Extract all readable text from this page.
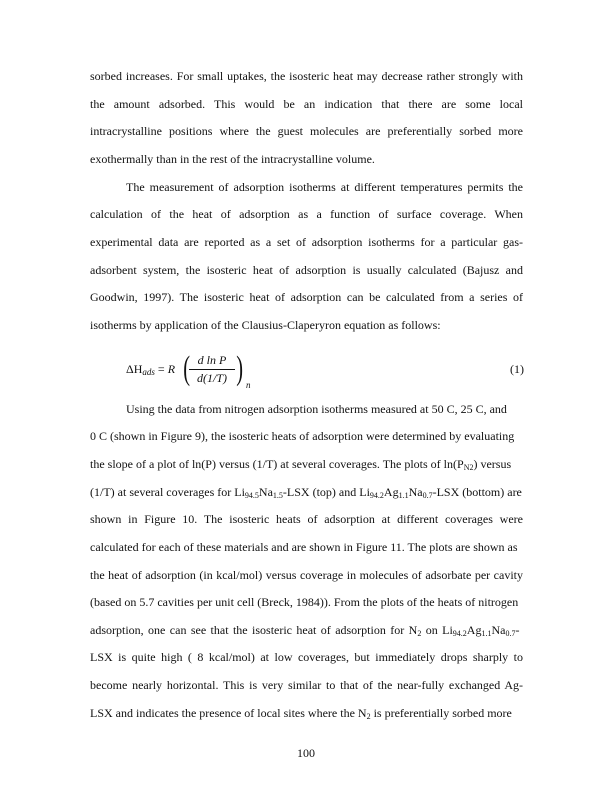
sorbed increases. For small uptakes, the isosteric heat may decrease rather strongly with
the amount adsorbed. This would be an indication that there are some local
intracrystalline positions where the guest molecules are preferentially sorbed more
exothermally than in the rest of the intracrystalline volume.
The measurement of adsorption isotherms at different temperatures permits the
calculation of the heat of adsorption as a function of surface coverage. When
experimental data are reported as a set of adsorption isotherms for a particular gas-
adsorbent system, the isosteric heat of adsorption is usually calculated (Bajusz and
Goodwin, 1997). The isosteric heat of adsorption can be calculated from a series of
isotherms by application of the Clausius-Claperyron equation as follows:
$\Delta H_{ads} = R$ (
$\frac{\text{d ln P}}{d(1/T)}$ ) n
(1)
Using the data from nitrogen adsorption isotherms measured at 50 C, 25 C, and
0 C (shown in Figure 9), the isosteric heats of adsorption were determined by evaluating
the slope of a plot of ln(P) versus (1/T) at several coverages. The plots of $\ln(P_{N2})$ versus
(1/T) at several coverages for $Li_{94.5}Na_{1.5}$-LSX (top) and $Li_{94.2}Ag_{1.1}Na_{0.7}$-LSX (bottom) are
shown in Figure 10. The isosteric heats of adsorption at different coverages were
calculated for each of these materials and are shown in Figure 11. The plots are shown as
the heat of adsorption (in kcal/mol) versus coverage in molecules of adsorbate per cavity
(based on 5.7 cavities per unit cell (Breck, 1984)). From the plots of the heats of nitrogen
adsorption, one can see that the isosteric heat of adsorption for $N_2$ on $Li_{94.2}Ag_{1.1}Na_{0.7}-$
LSX is quite high ( 8 kcal/mol) at low coverages, but immediately drops sharply to
become nearly horizontal. This is very similar to that of the near-fully exchanged Ag-
LSX and indicates the presence of local sites where the $N_2$ is preferentially sorbed more
100
